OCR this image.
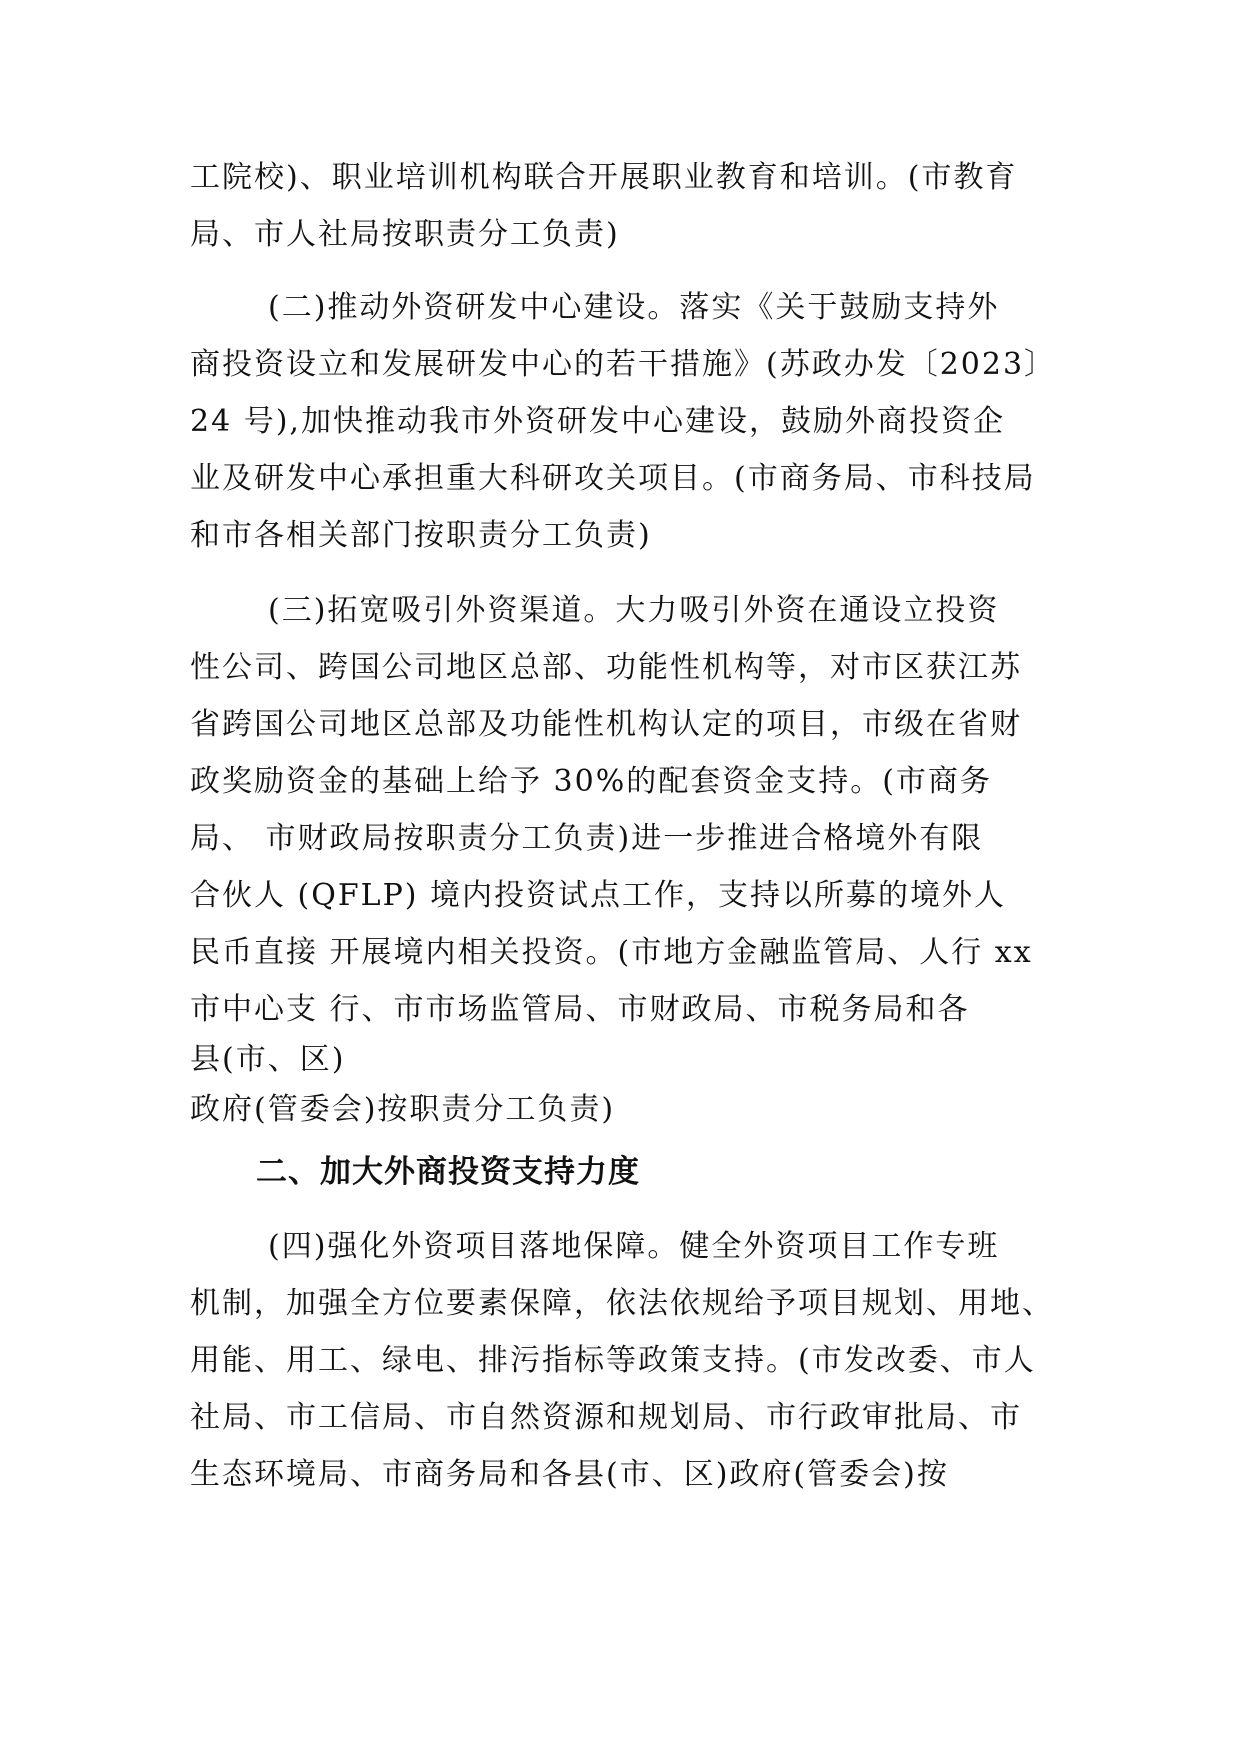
工院校)、职业培训机构联合开展职业教育和培训。(市教育

局、市人社局按职责分工负责)

(二)推动外资研发中心建设。落实《关于鼓励支持外

商投资设立和发展研发中心的若干措施》(苏政办发〔2023〕

24 号),加快推动我市外资研发中心建设，鼓励外商投资企

业及研发中心承担重大科研攻关项目。(市商务局、市科技局

和市各相关部门按职责分工负责)

(三)拓宽吸引外资渠道。大力吸引外资在通设立投资

性公司、跨国公司地区总部、功能性机构等，对市区获江苏

省跨国公司地区总部及功能性机构认定的项目，市级在省财

政奖励资金的基础上给予 30%的配套资金支持。(市商务

局、 市财政局按职责分工负责)进一步推进合格境外有限

合伙人 (QFLP) 境内投资试点工作，支持以所募的境外人

民币直接 开展境内相关投资。(市地方金融监管局、人行 xx

市中心支 行、市市场监管局、市财政局、市税务局和各

县(市、区)

政府(管委会)按职责分工负责)

二、加大外商投资支持力度

(四)强化外资项目落地保障。健全外资项目工作专班

机制，加强全方位要素保障，依法依规给予项目规划、用地、

用能、用工、绿电、排污指标等政策支持。(市发改委、市人

社局、市工信局、市自然资源和规划局、市行政审批局、市

生态环境局、市商务局和各县(市、区)政府(管委会)按
